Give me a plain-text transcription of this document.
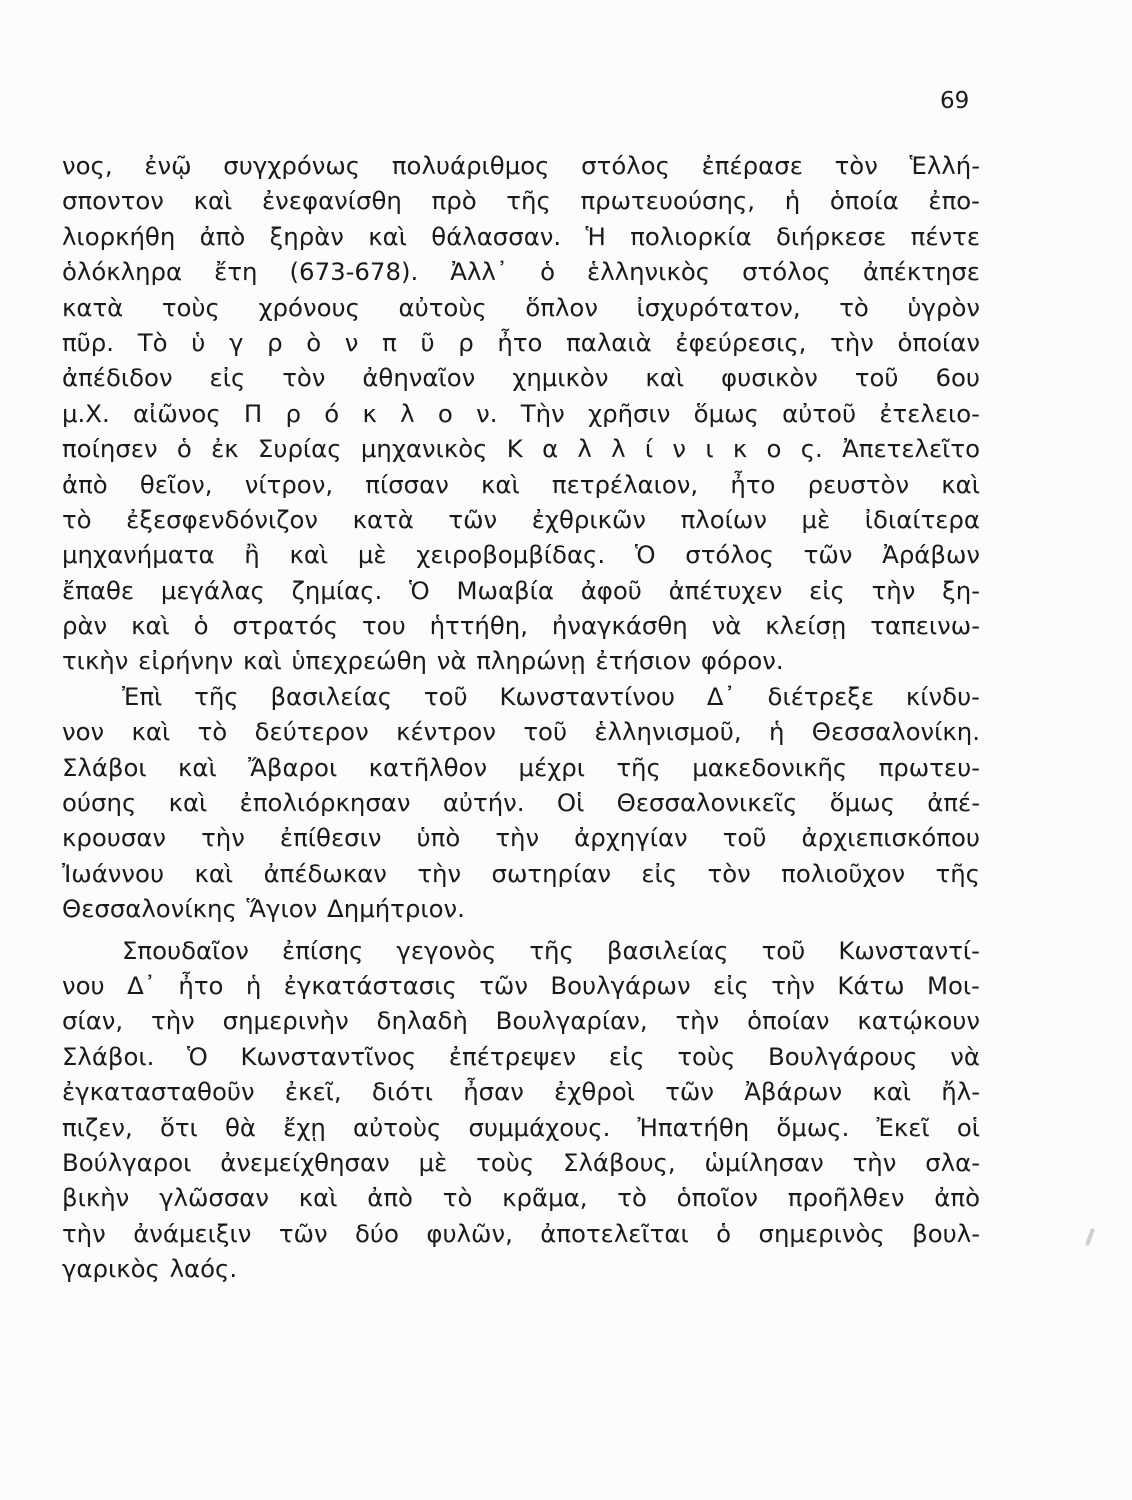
69

νος, ἐνῷ συγχρόνως πολυάριθμος στόλος ἐπέρασε τὸν Ἑλλή-
σποντον καὶ ἐνεφανίσθη πρὸ τῆς πρωτευούσης, ἡ ὁποία ἐπο-
λιορκήθη ἀπὸ ξηρὰν καὶ θάλασσαν. Ἡ πολιορκία διήρκεσε πέντε
ὁλόκληρα ἔτη (673-678). Ἀλλ᾽ ὁ ἑλληνικὸς στόλος ἀπέκτησε
κατὰ τοὺς χρόνους αὐτοὺς ὅπλον ἰσχυρότατον, τὸ ὑγρὸν
πῦρ. Τὸ ὑ γ ρ ὸ ν π ῦ ρ ἦτο παλαιὰ ἐφεύρεσις, τὴν ὁποίαν
ἀπέδιδον εἰς τὸν ἀθηναῖον χημικὸν καὶ φυσικὸν τοῦ 6ου
μ.Χ. αἰῶνος Π ρ ό κ λ ο ν. Τὴν χρῆσιν ὅμως αὐτοῦ ἐτελειο-
ποίησεν ὁ ἐκ Συρίας μηχανικὸς Κ α λ λ ί ν ι κ ο ς. Ἀπετελεῖτο
ἀπὸ θεῖον, νίτρον, πίσσαν καὶ πετρέλαιον, ἦτο ρευστὸν καὶ
τὸ ἐξεσφενδόνιζον κατὰ τῶν ἐχθρικῶν πλοίων μὲ ἰδιαίτερα
μηχανήματα ἢ καὶ μὲ χειροβομβίδας. Ὁ στόλος τῶν Ἀράβων
ἔπαθε μεγάλας ζημίας. Ὁ Μωαβία ἀφοῦ ἀπέτυχεν εἰς τὴν ξη-
ρὰν καὶ ὁ στρατός του ἡττήθη, ἠναγκάσθη νὰ κλείσῃ ταπεινω-
τικὴν εἰρήνην καὶ ὑπεχρεώθη νὰ πληρώνῃ ἐτήσιον φόρον.

Ἐπὶ τῆς βασιλείας τοῦ Κωνσταντίνου Δ᾽ διέτρεξε κίνδυ-
νον καὶ τὸ δεύτερον κέντρον τοῦ ἑλληνισμοῦ, ἡ Θεσσαλονίκη.
Σλάβοι καὶ Ἄβαροι κατῆλθον μέχρι τῆς μακεδονικῆς πρωτευ-
ούσης καὶ ἐπολιόρκησαν αὐτήν. Οἱ Θεσσαλονικεῖς ὅμως ἀπέ-
κρουσαν τὴν ἐπίθεσιν ὑπὸ τὴν ἀρχηγίαν τοῦ ἀρχιεπισκόπου
Ἰωάννου καὶ ἀπέδωκαν τὴν σωτηρίαν εἰς τὸν πολιοῦχον τῆς
Θεσσαλονίκης Ἅγιον Δημήτριον.

Σπουδαῖον ἐπίσης γεγονὸς τῆς βασιλείας τοῦ Κωνσταντί-
νου Δ᾽ ἦτο ἡ ἐγκατάστασις τῶν Βουλγάρων εἰς τὴν Κάτω Μοι-
σίαν, τὴν σημερινὴν δηλαδὴ Βουλγαρίαν, τὴν ὁποίαν κατῴκουν
Σλάβοι. Ὁ Κωνσταντῖνος ἐπέτρεψεν εἰς τοὺς Βουλγάρους νὰ
ἐγκατασταθοῦν ἐκεῖ, διότι ἦσαν ἐχθροὶ τῶν Ἀβάρων καὶ ἤλ-
πιζεν, ὅτι θὰ ἔχῃ αὐτοὺς συμμάχους. Ἠπατήθη ὅμως. Ἐκεῖ οἱ
Βούλγαροι ἀνεμείχθησαν μὲ τοὺς Σλάβους, ὡμίλησαν τὴν σλα-
βικὴν γλῶσσαν καὶ ἀπὸ τὸ κρᾶμα, τὸ ὁποῖον προῆλθεν ἀπὸ
τὴν ἀνάμειξιν τῶν δύο φυλῶν, ἀποτελεῖται ὁ σημερινὸς βουλ-
γαρικὸς λαός.
